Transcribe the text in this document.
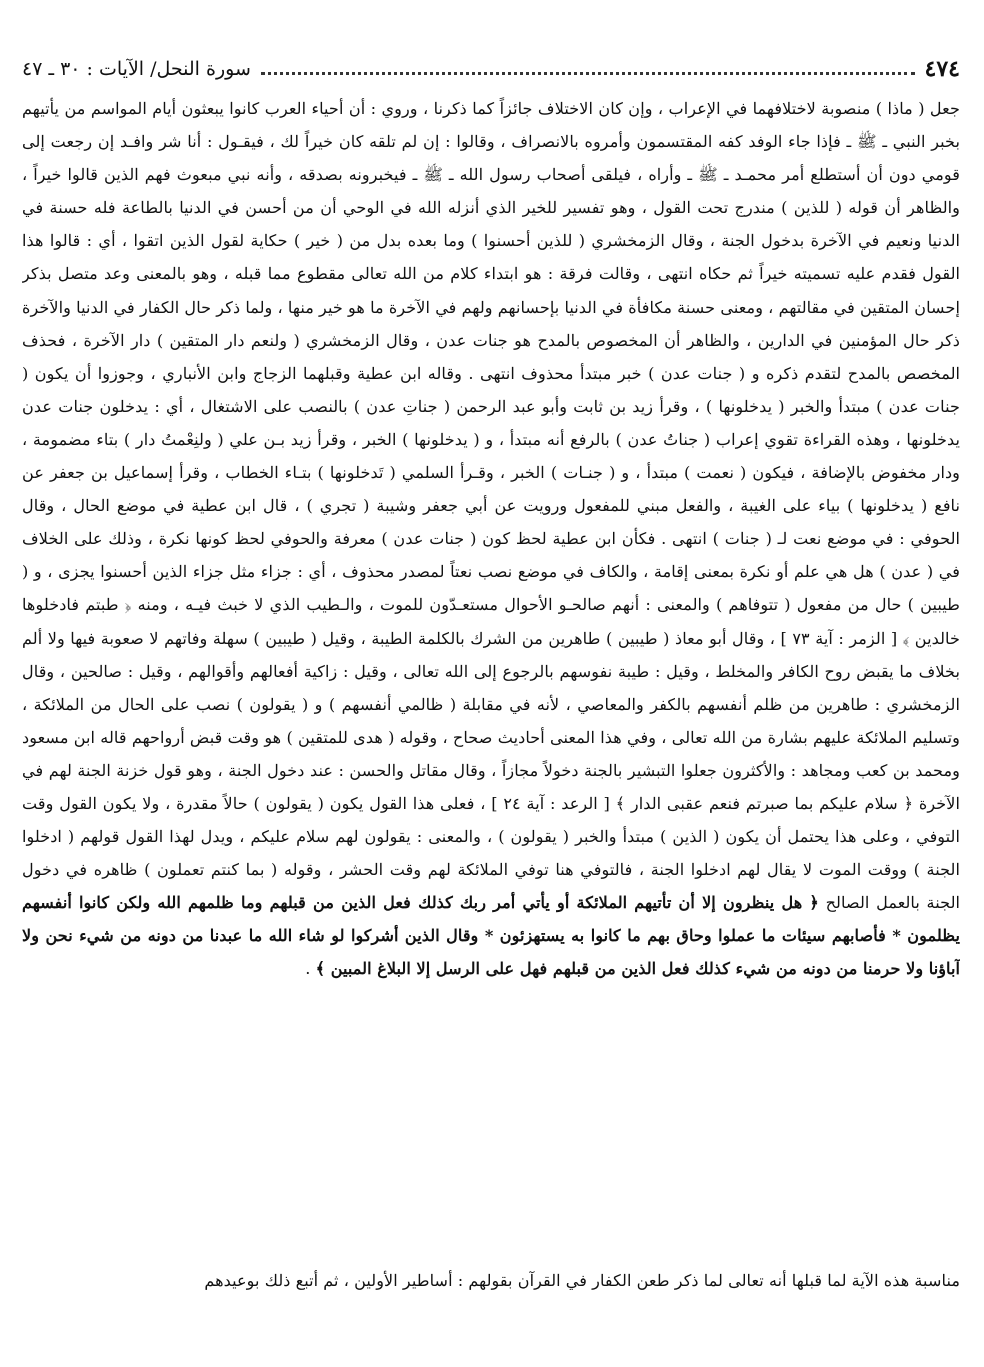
٤٧٤
سورة النحل/ الآيات : ٣٠ ـ ٤٧

جعل ( ماذا ) منصوبة لاختلافهما في الإعراب ، وإن كان الاختلاف جائزاً كما ذكرنا ، وروي : أن أحياء العرب كانوا يبعثون أيام المواسم من يأتيهم بخبر النبي ـ ﷺ ـ فإذا جاء الوفد كفه المقتسمون وأمروه بالانصراف ، وقالوا : إن لم تلقه كان خيراً لك ، فيقـول : أنا شر وافـد إن رجعت إلى قومي دون أن أستطلع أمر محمـد ـ ﷺ ـ وأراه ، فيلقى أصحاب رسول الله ـ ﷺ ـ فيخبرونه بصدقه ، وأنه نبي مبعوث فهم الذين قالوا خيراً ، والظاهر أن قوله ( للذين ) مندرج تحت القول ، وهو تفسير للخير الذي أنزله الله في الوحي أن من أحسن في الدنيا بالطاعة فله حسنة في الدنيا ونعيم في الآخرة بدخول الجنة ، وقال الزمخشري ( للذين أحسنوا ) وما بعده بدل من ( خير ) حكاية لقول الذين اتقوا ، أي : قالوا هذا القول فقدم عليه تسميته خيراً ثم حكاه انتهى ، وقالت فرقة : هو ابتداء كلام من الله تعالى مقطوع مما قبله ، وهو بالمعنى وعد متصل بذكر إحسان المتقين في مقالتهم ، ومعنى حسنة مكافأة في الدنيا بإحسانهم ولهم في الآخرة ما هو خير منها ، ولما ذكر حال الكفار في الدنيا والآخرة ذكر حال المؤمنين في الدارين ، والظاهر أن المخصوص بالمدح هو جنات عدن ، وقال الزمخشري ( ولنعم دار المتقين ) دار الآخرة ، فحذف المخصص بالمدح لتقدم ذكره و ( جنات عدن ) خبر مبتدأ محذوف انتهى . وقاله ابن عطية وقبلهما الزجاج وابن الأنباري ، وجوزوا أن يكون ( جنات عدن ) مبتدأ والخبر ( يدخلونها ) ، وقرأ زيد بن ثابت وأبو عبد الرحمن ( جناتِ عدن ) بالنصب على الاشتغال ، أي : يدخلون جنات عدن يدخلونها ، وهذه القراءة تقوي إعراب ( جناتُ عدن ) بالرفع أنه مبتدأ ، و ( يدخلونها ) الخبر ، وقرأ زيد بـن علي ( ولنِعْمتُ دار ) بتاء مضمومة ، ودار مخفوض بالإضافة ، فيكون ( نعمت ) مبتدأ ، و ( جنـات ) الخبر ، وقـرأ السلمي ( تَدخلونها ) بتـاء الخطاب ، وقرأ إسماعيل بن جعفر عن نافع ( يدخلونها ) بياء على الغيبة ، والفعل مبني للمفعول ورويت عن أبي جعفر وشيبة ( تجري ) ، قال ابن عطية في موضع الحال ، وقال الحوفي : في موضع نعت لـ ( جنات ) انتهى . فكأن ابن عطية لحظ كون ( جنات عدن ) معرفة والحوفي لحظ كونها نكرة ، وذلك على الخلاف في ( عدن ) هل هي علم أو نكرة بمعنى إقامة ، والكاف في موضع نصب نعتاً لمصدر محذوف ، أي : جزاء مثل جزاء الذين أحسنوا يجزى ، و ( طيبين ) حال من مفعول ( تتوفاهم ) والمعنى : أنهم صالحـو الأحوال مستعـدّون للموت ، والـطيب الذي لا خبث فيـه ، ومنه ﴿ طبتم فادخلوها خالدين ﴾ [ الزمر : آية ٧٣ ] ، وقال أبو معاذ ( طيبين ) طاهرين من الشرك بالكلمة الطيبة ، وقيل ( طيبين ) سهلة وفاتهم لا صعوبة فيها ولا ألم بخلاف ما يقبض روح الكافر والمخلط ، وقيل : طيبة نفوسهم بالرجوع إلى الله تعالى ، وقيل : زاكية أفعالهم وأقوالهم ، وقيل : صالحين ، وقال الزمخشري : طاهرين من ظلم أنفسهم بالكفر والمعاصي ، لأنه في مقابلة ( ظالمي أنفسهم ) و ( يقولون ) نصب على الحال من الملائكة ، وتسليم الملائكة عليهم بشارة من الله تعالى ، وفي هذا المعنى أحاديث صحاح ، وقوله ( هدى للمتقين ) هو وقت قبض أرواحهم قاله ابن مسعود ومحمد بن كعب ومجاهد : والأكثرون جعلوا التبشير بالجنة دخولاً مجازاً ، وقال مقاتل والحسن : عند دخول الجنة ، وهو قول خزنة الجنة لهم في الآخرة ﴿ سلام عليكم بما صبرتم فنعم عقبى الدار ﴾ [ الرعد : آية ٢٤ ] ، فعلى هذا القول يكون ( يقولون ) حالاً مقدرة ، ولا يكون القول وقت التوفي ، وعلى هذا يحتمل أن يكون ( الذين ) مبتدأ والخبر ( يقولون ) ، والمعنى : يقولون لهم سلام عليكم ، ويدل لهذا القول قولهم ( ادخلوا الجنة ) ووقت الموت لا يقال لهم ادخلوا الجنة ، فالتوفي هنا توفي الملائكة لهم وقت الحشر ، وقوله ( بما كنتم تعملون ) ظاهره في دخول الجنة بالعمل الصالح ﴿ هل ينظرون إلا أن تأتيهم الملائكة أو يأتي أمر ربك كذلك فعل الذين من قبلهم وما ظلمهم الله ولكن كانوا أنفسهم يظلمون * فأصابهم سيئات ما عملوا وحاق بهم ما كانوا به يستهزئون * وقال الذين أشركوا لو شاء الله ما عبدنا من دونه من شيء نحن ولا آباؤنا ولا حرمنا من دونه من شيء كذلك فعل الذين من قبلهم فهل على الرسل إلا البلاغ المبين ﴾ .

مناسبة هذه الآية لما قبلها أنه تعالى لما ذكر طعن الكفار في القرآن بقولهم : أساطير الأولين ، ثم أتبع ذلك بوعيدهم
